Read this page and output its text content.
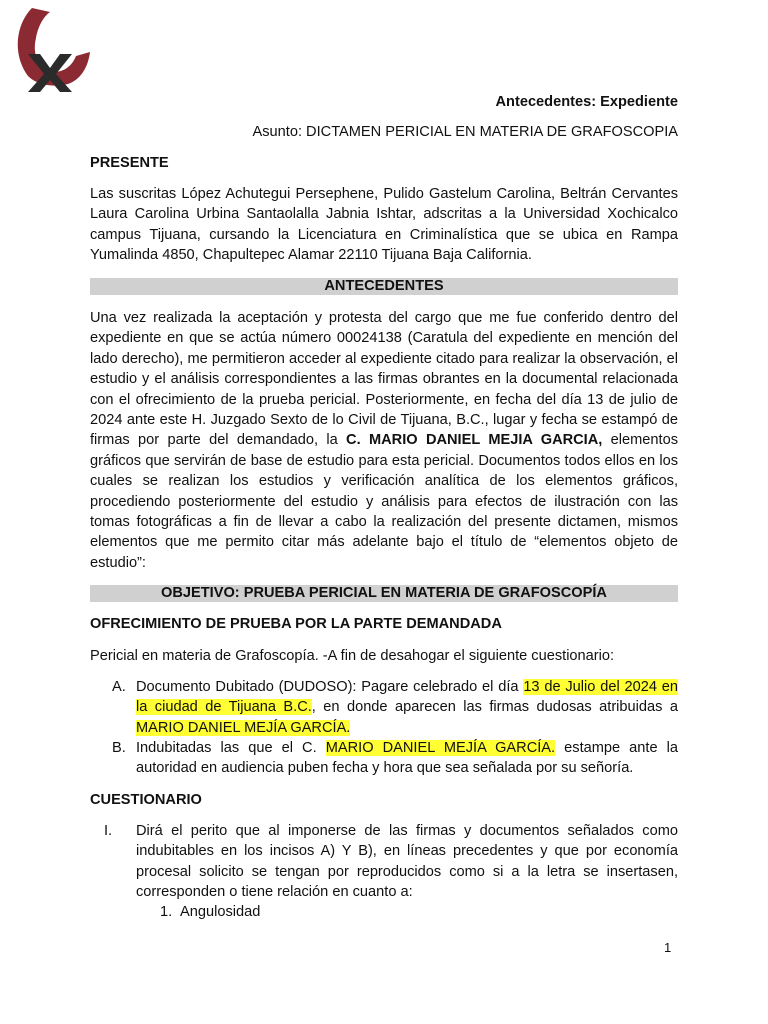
Antecedentes: Expediente
Asunto: DICTAMEN PERICIAL EN MATERIA DE GRAFOSCOPIA
PRESENTE
Las suscritas López Achutegui Persephene, Pulido Gastelum Carolina, Beltrán Cervantes Laura Carolina Urbina Santaolalla Jabnia Ishtar, adscritas a la Universidad Xochicalco campus Tijuana, cursando la Licenciatura en Criminalística que se ubica en Rampa Yumalinda 4850, Chapultepec Alamar 22110 Tijuana Baja California.
ANTECEDENTES
Una vez realizada la aceptación y protesta del cargo que me fue conferido dentro del expediente en que se actúa número 00024138 (Caratula del expediente en mención del lado derecho), me permitieron acceder al expediente citado para realizar la observación, el estudio y el análisis correspondientes a las firmas obrantes en la documental relacionada con el ofrecimiento de la prueba pericial. Posteriormente, en fecha del día 13 de julio de 2024 ante este H. Juzgado Sexto de lo Civil de Tijuana, B.C., lugar y fecha se estampó de firmas por parte del demandado, la C. MARIO DANIEL MEJIA GARCIA, elementos gráficos que servirán de base de estudio para esta pericial. Documentos todos ellos en los cuales se realizan los estudios y verificación analítica de los elementos gráficos, procediendo posteriormente del estudio y análisis para efectos de ilustración con las tomas fotográficas a fin de llevar a cabo la realización del presente dictamen, mismos elementos que me permito citar más adelante bajo el título de “elementos objeto de estudio”:
OBJETIVO: PRUEBA PERICIAL EN MATERIA DE GRAFOSCOPÍA
OFRECIMIENTO DE PRUEBA POR LA PARTE DEMANDADA
Pericial en materia de Grafoscopía. -A fin de desahogar el siguiente cuestionario:
A. Documento Dubitado (DUDOSO): Pagare celebrado el día 13 de Julio del 2024 en la ciudad de Tijuana B.C., en donde aparecen las firmas dudosas atribuidas a MARIO DANIEL MEJÍA GARCÍA.
B. Indubitadas las que el C. MARIO DANIEL MEJÍA GARCÍA. estampe ante la autoridad en audiencia puben fecha y hora que sea señalada por su señoría.
CUESTIONARIO
I. Dirá el perito que al imponerse de las firmas y documentos señalados como indubitables en los incisos A) Y B), en líneas precedentes y que por economía procesal solicito se tengan por reproducidos como si a la letra se insertasen, corresponden o tiene relación en cuanto a:
1. Angulosidad
1
